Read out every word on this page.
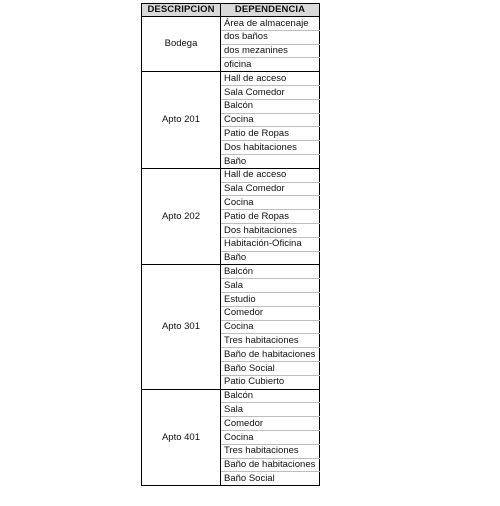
DESCRIPCION	DEPENDENCIA
Bodega	Área de almacenaje
	dos baños
	dos mezanines
	oficina
Apto 201	Hall de acceso
	Sala Comedor
	Balcón
	Cocina
	Patio de Ropas
	Dos habitaciones
	Baño
Apto 202	Hall de acceso
	Sala Comedor
	Cocina
	Patio de Ropas
	Dos habitaciones
	Habitación-Oficina
	Baño
Apto 301	Balcón
	Sala
	Estudio
	Comedor
	Cocina
	Tres habitaciones
	Baño de habitaciones
	Baño Social
	Patio Cubierto
Apto 401	Balcón
	Sala
	Comedor
	Cocina
	Tres habitaciones
	Baño de habitaciones
	Baño Social
